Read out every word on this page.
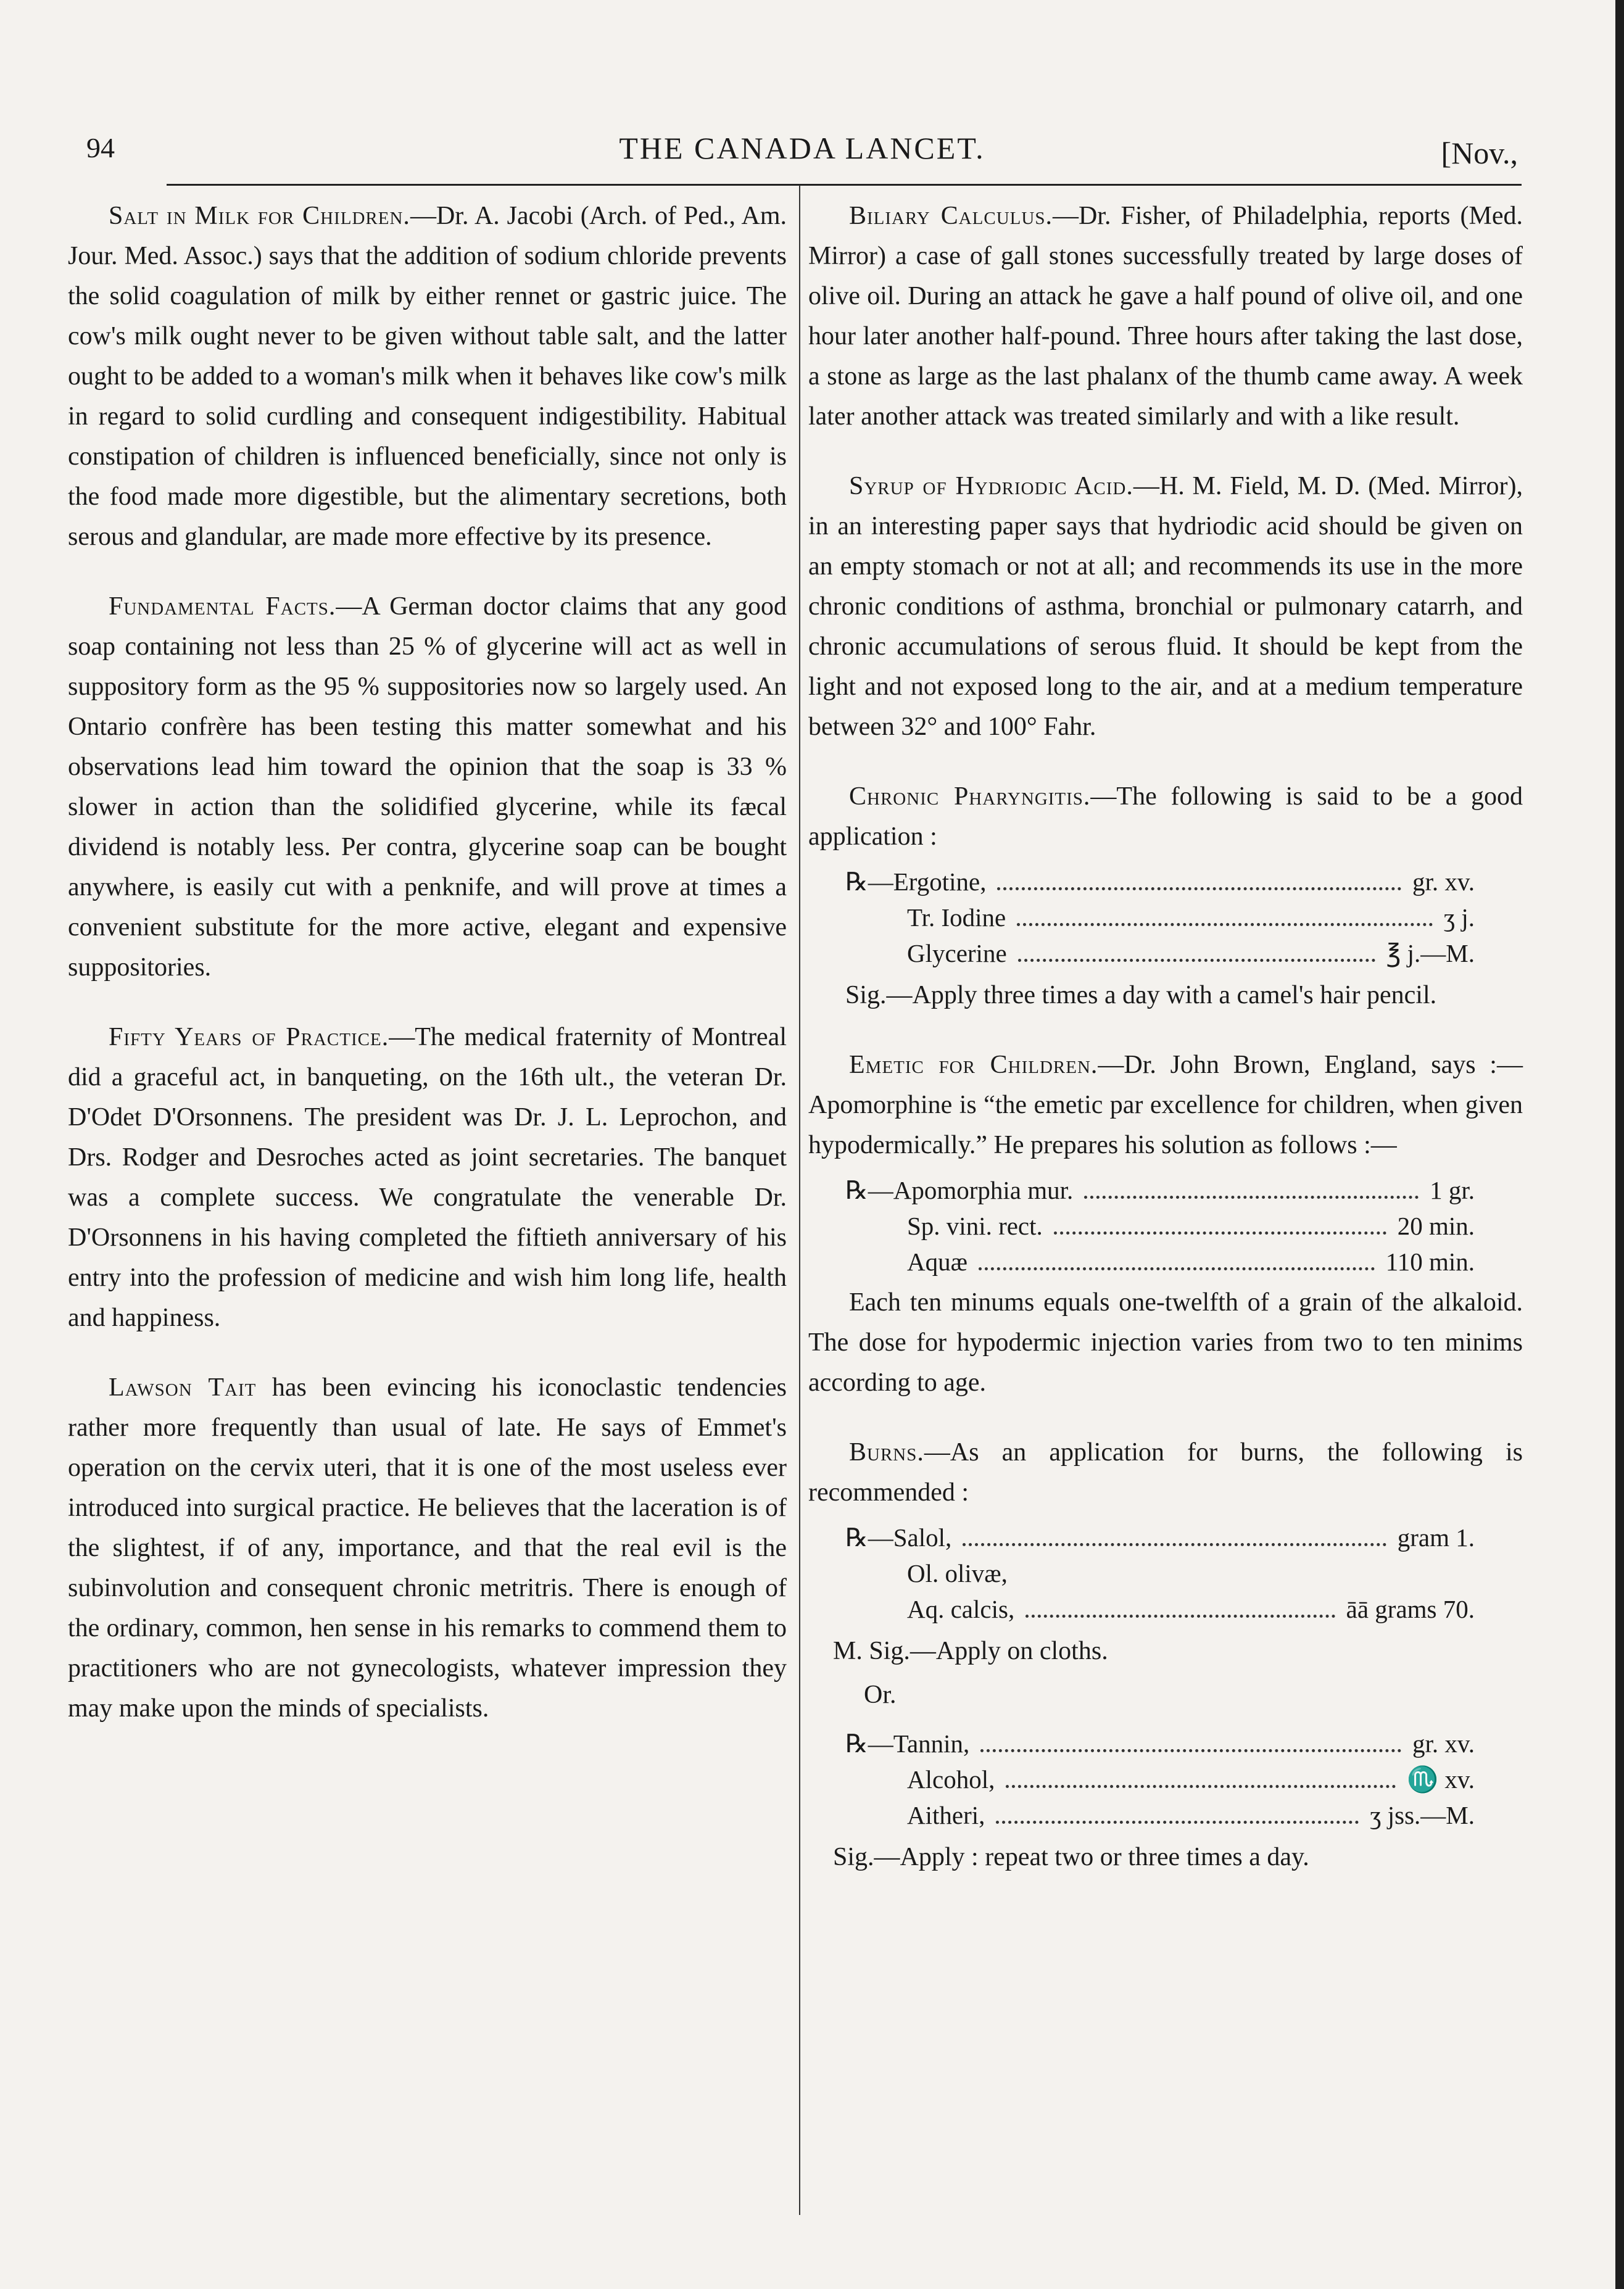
94	THE CANADA LANCET.	[Nov.,

Salt in Milk for Children.—Dr. A. Jacobi (Arch. of Ped., Am. Jour. Med. Assoc.) says that the addition of sodium chloride prevents the solid coagulation of milk by either rennet or gastric juice. The cow's milk ought never to be given without table salt, and the latter ought to be added to a woman's milk when it behaves like cow's milk in regard to solid curdling and consequent indigestibility. Habitual constipation of children is influenced beneficially, since not only is the food made more digestible, but the alimentary secretions, both serous and glandular, are made more effective by its presence.

Fundamental Facts.—A German doctor claims that any good soap containing not less than 25 % of glycerine will act as well in suppository form as the 95 % suppositories now so largely used. An Ontario confrère has been testing this matter somewhat and his observations lead him toward the opinion that the soap is 33 % slower in action than the solidified glycerine, while its fæcal dividend is notably less. Per contra, glycerine soap can be bought anywhere, is easily cut with a penknife, and will prove at times a convenient substitute for the more active, elegant and expensive suppositories.

Fifty Years of Practice.—The medical fraternity of Montreal did a graceful act, in banqueting, on the 16th ult., the veteran Dr. D'Odet D'Orsonnens. The president was Dr. J. L. Leprochon, and Drs. Rodger and Desroches acted as joint secretaries. The banquet was a complete success. We congratulate the venerable Dr. D'Orsonnens in his having completed the fiftieth anniversary of his entry into the profession of medicine and wish him long life, health and happiness.

Lawson Tait has been evincing his iconoclastic tendencies rather more frequently than usual of late. He says of Emmet's operation on the cervix uteri, that it is one of the most useless ever introduced into surgical practice. He believes that the laceration is of the slightest, if of any, importance, and that the real evil is the subinvolution and consequent chronic metritris. There is enough of the ordinary, common, hen sense in his remarks to commend them to practitioners who are not gynecologists, whatever impression they may make upon the minds of specialists.

Biliary Calculus.—Dr. Fisher, of Philadelphia, reports (Med. Mirror) a case of gall stones successfully treated by large doses of olive oil. During an attack he gave a half pound of olive oil, and one hour later another half-pound. Three hours after taking the last dose, a stone as large as the last phalanx of the thumb came away. A week later another attack was treated similarly and with a like result.

Syrup of Hydriodic Acid.—H. M. Field, M. D. (Med. Mirror), in an interesting paper says that hydriodic acid should be given on an empty stomach or not at all; and recommends its use in the more chronic conditions of asthma, bronchial or pulmonary catarrh, and chronic accumulations of serous fluid. It should be kept from the light and not exposed long to the air, and at a medium temperature between 32° and 100° Fahr.

Chronic Pharyngitis.—The following is said to be a good application :

℞—Ergotine,	gr. xv.
Tr. Iodine	ʒ j.
Glycerine	℥ j.—M.

Sig.—Apply three times a day with a camel's hair pencil.

Emetic for Children.—Dr. John Brown, England, says :—Apomorphine is “the emetic par excellence for children, when given hypodermically.” He prepares his solution as follows :—

℞—Apomorphia mur.	1 gr.
Sp. vini. rect.	20 min.
Aquæ	110 min.

Each ten minums equals one-twelfth of a grain of the alkaloid. The dose for hypodermic injection varies from two to ten minims according to age.

Burns.—As an application for burns, the following is recommended :

℞—Salol,	gram 1.
Ol. olivæ,
Aq. calcis,	āā grams 70.

M. Sig.—Apply on cloths.

Or.

℞—Tannin,	gr. xv.
Alcohol,	♏ xv.
Aitheri,	ʒ jss.—M.

Sig.—Apply : repeat two or three times a day.
